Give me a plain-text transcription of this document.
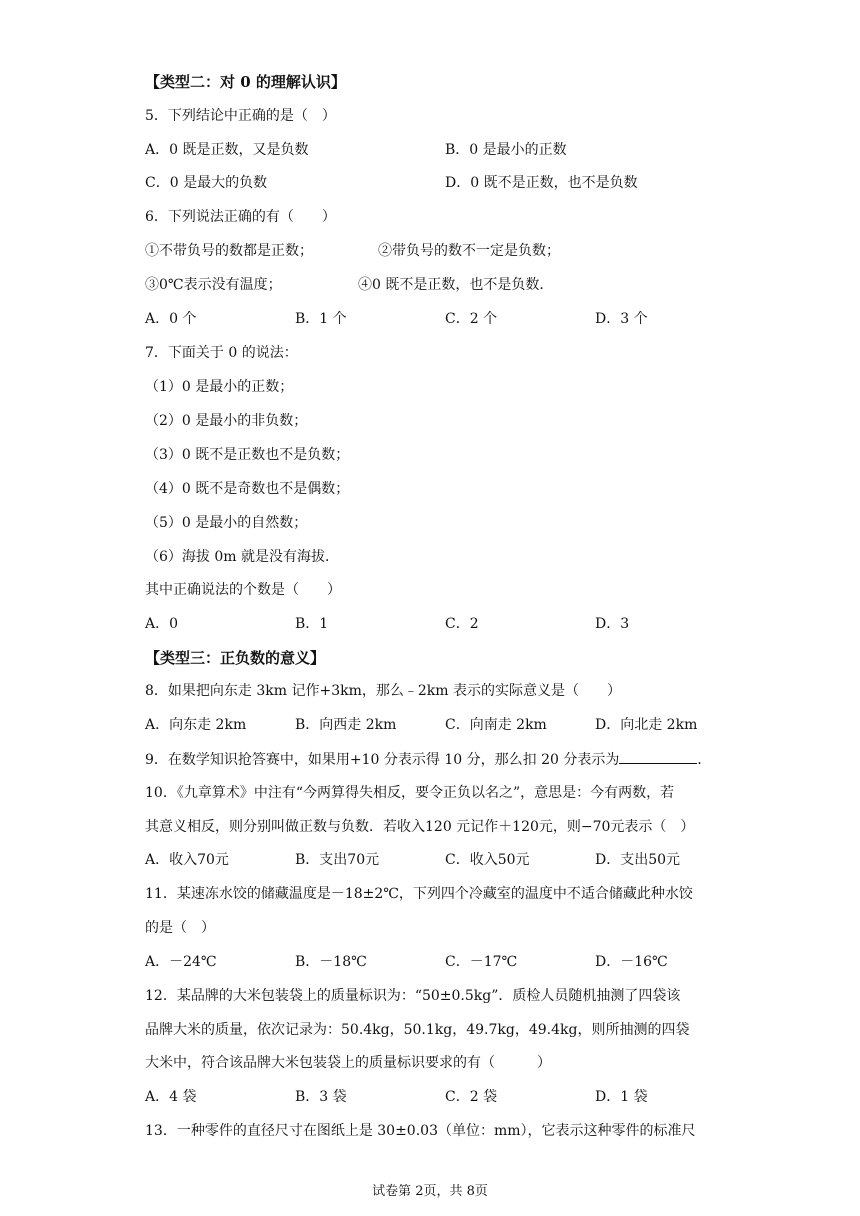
【类型二：对 0 的理解认识】
5．下列结论中正确的是（　）
A．0 既是正数，又是负数	B．0 是最小的正数
C．0 是最大的负数	D．0 既不是正数，也不是负数
6．下列说法正确的有（　　）
①不带负号的数都是正数；	②带负号的数不一定是负数；
③0℃表示没有温度；	④0 既不是正数，也不是负数．
A．0 个	B．1 个	C．2 个	D．3 个
7．下面关于 0 的说法：
（1）0 是最小的正数；
（2）0 是最小的非负数；
（3）0 既不是正数也不是负数；
（4）0 既不是奇数也不是偶数；
（5）0 是最小的自然数；
（6）海拔 0m 就是没有海拔．
其中正确说法的个数是（　　）
A．0	B．1	C．2	D．3
【类型三：正负数的意义】
8．如果把向东走 3km 记作+3km，那么﹣2km 表示的实际意义是（　　）
A．向东走 2km	B．向西走 2km	C．向南走 2km	D．向北走 2km
9．在数学知识抢答赛中，如果用+10 分表示得 10 分，那么扣 20 分表示为	．
10．《九章算术》中注有“今两算得失相反，要令正负以名之”，意思是：今有两数，若
其意义相反，则分别叫做正数与负数．若收入120 元记作＋120元，则−70元表示（　）
A．收入70元	B．支出70元	C．收入50元	D．支出50元
11．某速冻水饺的储藏温度是－18±2℃，下列四个冷藏室的温度中不适合储藏此种水饺
的是（　）
A．－24℃	B．－18℃	C．－17℃	D．－16℃
12．某品牌的大米包装袋上的质量标识为：“50±0.5kg”．质检人员随机抽测了四袋该
品牌大米的质量，依次记录为：50.4kg，50.1kg，49.7kg，49.4kg，则所抽测的四袋
大米中，符合该品牌大米包装袋上的质量标识要求的有（　　　）
A．4 袋	B．3 袋	C．2 袋	D．1 袋
13．一种零件的直径尺寸在图纸上是 30±0.03（单位：mm），它表示这种零件的标准尺
试卷第 2页，共 8页
